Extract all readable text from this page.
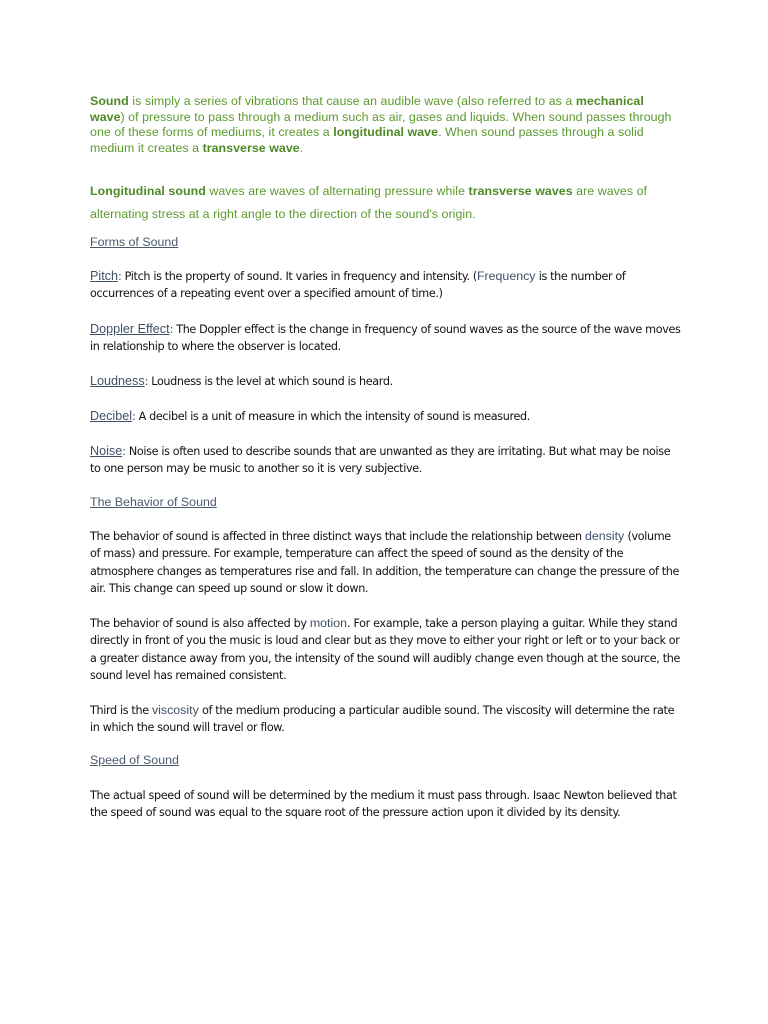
Sound is simply a series of vibrations that cause an audible wave (also referred to as a mechanical wave) of pressure to pass through a medium such as air, gases and liquids. When sound passes through one of these forms of mediums, it creates a longitudinal wave. When sound passes through a solid medium it creates a transverse wave.

Longitudinal sound waves are waves of alternating pressure while transverse waves are waves of alternating stress at a right angle to the direction of the sound's origin.

Forms of Sound

Pitch: Pitch is the property of sound. It varies in frequency and intensity. (Frequency is the number of occurrences of a repeating event over a specified amount of time.)

Doppler Effect: The Doppler effect is the change in frequency of sound waves as the source of the wave moves in relationship to where the observer is located.

Loudness: Loudness is the level at which sound is heard.

Decibel: A decibel is a unit of measure in which the intensity of sound is measured.

Noise: Noise is often used to describe sounds that are unwanted as they are irritating. But what may be noise to one person may be music to another so it is very subjective.

The Behavior of Sound

The behavior of sound is affected in three distinct ways that include the relationship between density (volume of mass) and pressure. For example, temperature can affect the speed of sound as the density of the atmosphere changes as temperatures rise and fall. In addition, the temperature can change the pressure of the air. This change can speed up sound or slow it down.

The behavior of sound is also affected by motion. For example, take a person playing a guitar. While they stand directly in front of you the music is loud and clear but as they move to either your right or left or to your back or a greater distance away from you, the intensity of the sound will audibly change even though at the source, the sound level has remained consistent.

Third is the viscosity of the medium producing a particular audible sound. The viscosity will determine the rate in which the sound will travel or flow.

Speed of Sound

The actual speed of sound will be determined by the medium it must pass through. Isaac Newton believed that the speed of sound was equal to the square root of the pressure action upon it divided by its density.
